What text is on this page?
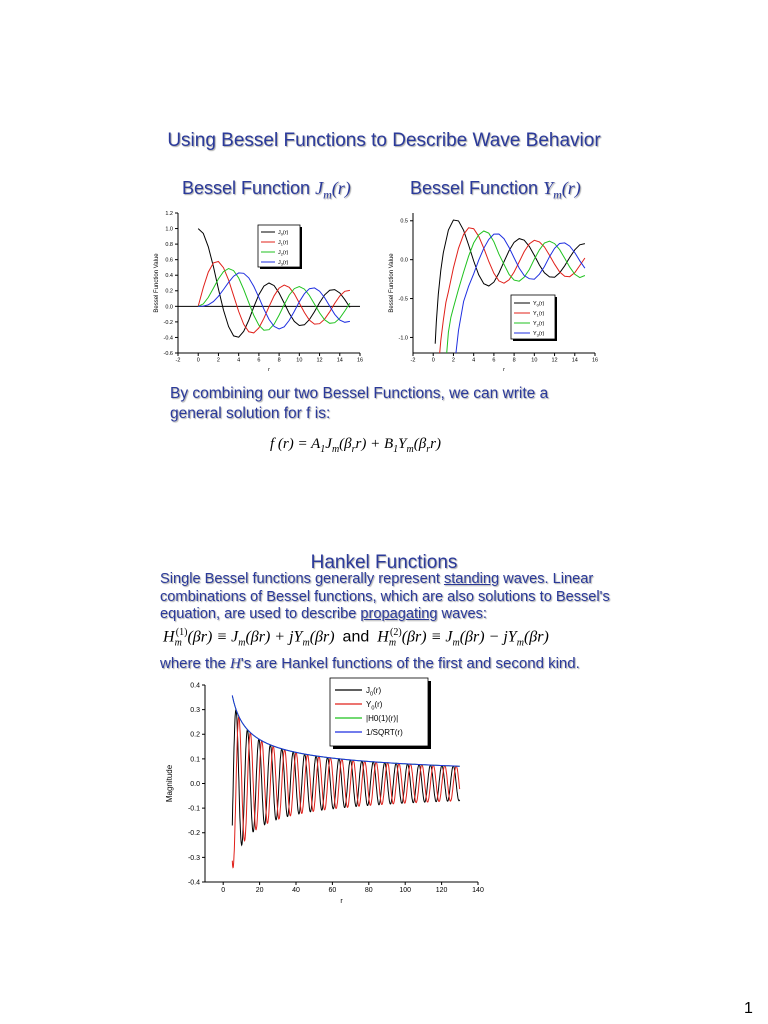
Using Bessel Functions to Describe Wave Behavior
Bessel Function $J_m(r)$	Bessel Function $Y_m(r)$
-2	0	2	4	6	8	10	12	14	16
-0.6
-0.4
-0.2
0.0
0.2
0.4
0.6
0.8
1.0
1.2
r
Bessel Function Value
$J_0(r)$
$J_1(r)$
$J_2(r)$
$J_3(r)$
-2	0	2	4	6	8	10	12	14	16
-1.0
-0.5
0.0
0.5
r
Bessel Function Value	$Y_0(r)$
$Y_1(r)$
$Y_2(r)$
$Y_3(r)$
By combining our two Bessel Functions, we can write a general solution for f is:
f $(r) = A_1J_m(\beta_rr) + B_1Y_m(\beta_rr)$
Hankel Functions
Single Bessel functions generally represent standing waves. Linear combinations of Bessel functions, which are also solutions to Bessel's equation, are used to describe propagating waves:
$H_m^{(1)}(\beta r) \equiv J_m(\beta r) + jY_m(\beta r)$  and  $H_m^{(2)}(\beta r) \equiv J_m(\beta r) - jY_m(\beta r)$
where the H's are Hankel functions of the first and second kind.
0	20	40	60	80	100	120	140
-0.4
-0.3
-0.2
-0.1
0.0
0.1
0.2
0.3
0.4
r
Magnitude
$J_0(r)$
$Y_0(r)$
|H0(1)(r)|
1/SQRT(r)
1
